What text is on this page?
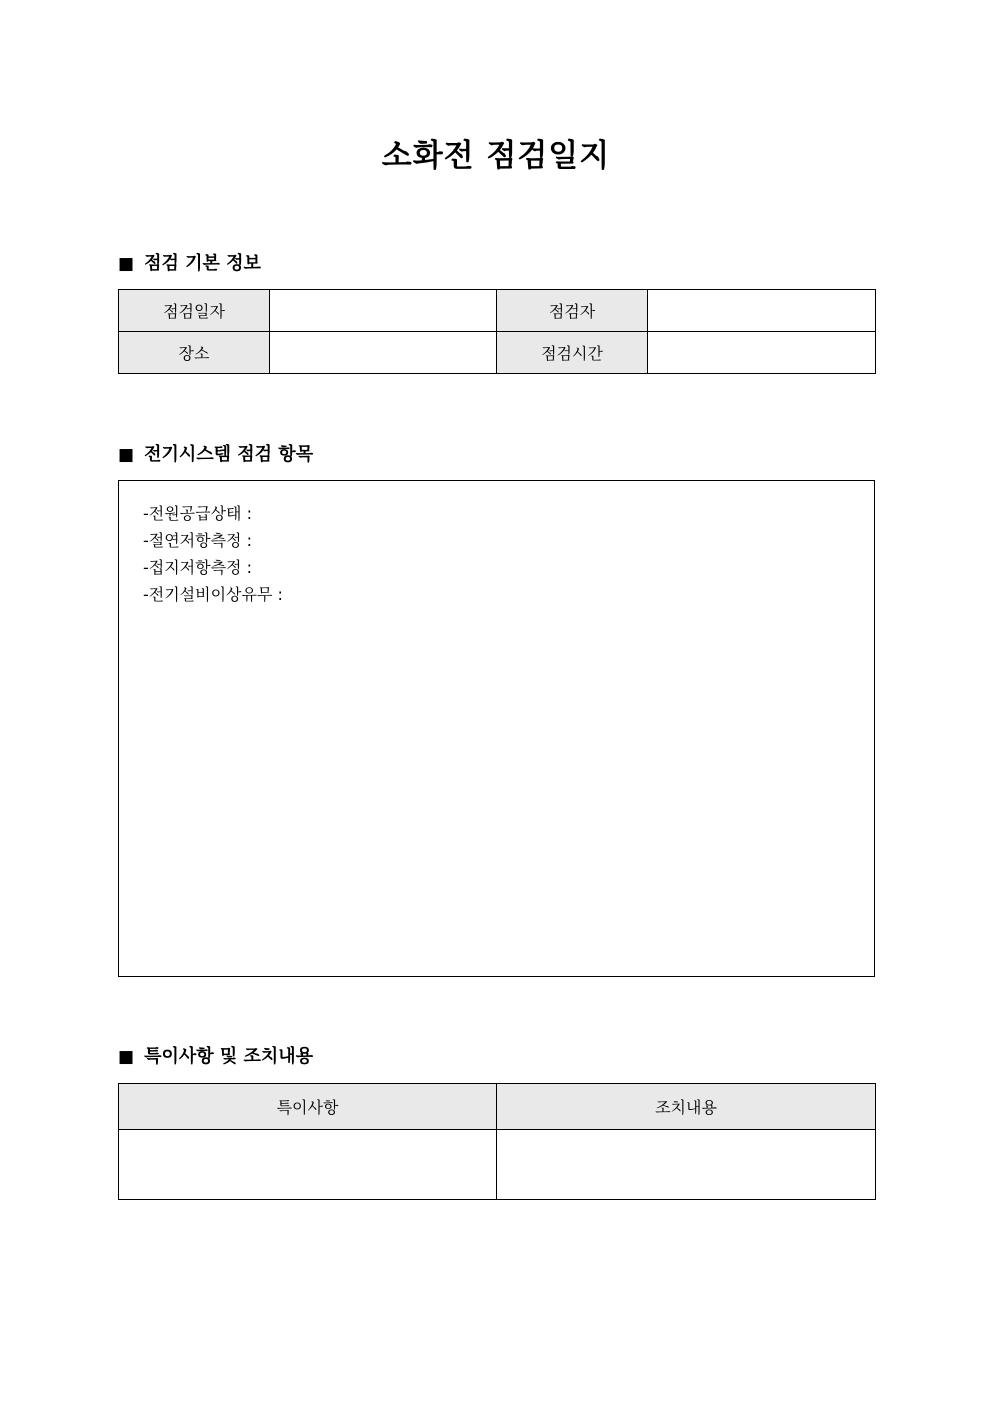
소화전 점검일지
■ 점검 기본 정보
점검일자		점검자	
장소		점검시간	
■ 전기시스템 점검 항목
-전원공급상태 :
-절연저항측정 :
-접지저항측정 :
-전기설비이상유무 :
■ 특이사항 및 조치내용
특이사항	조치내용
